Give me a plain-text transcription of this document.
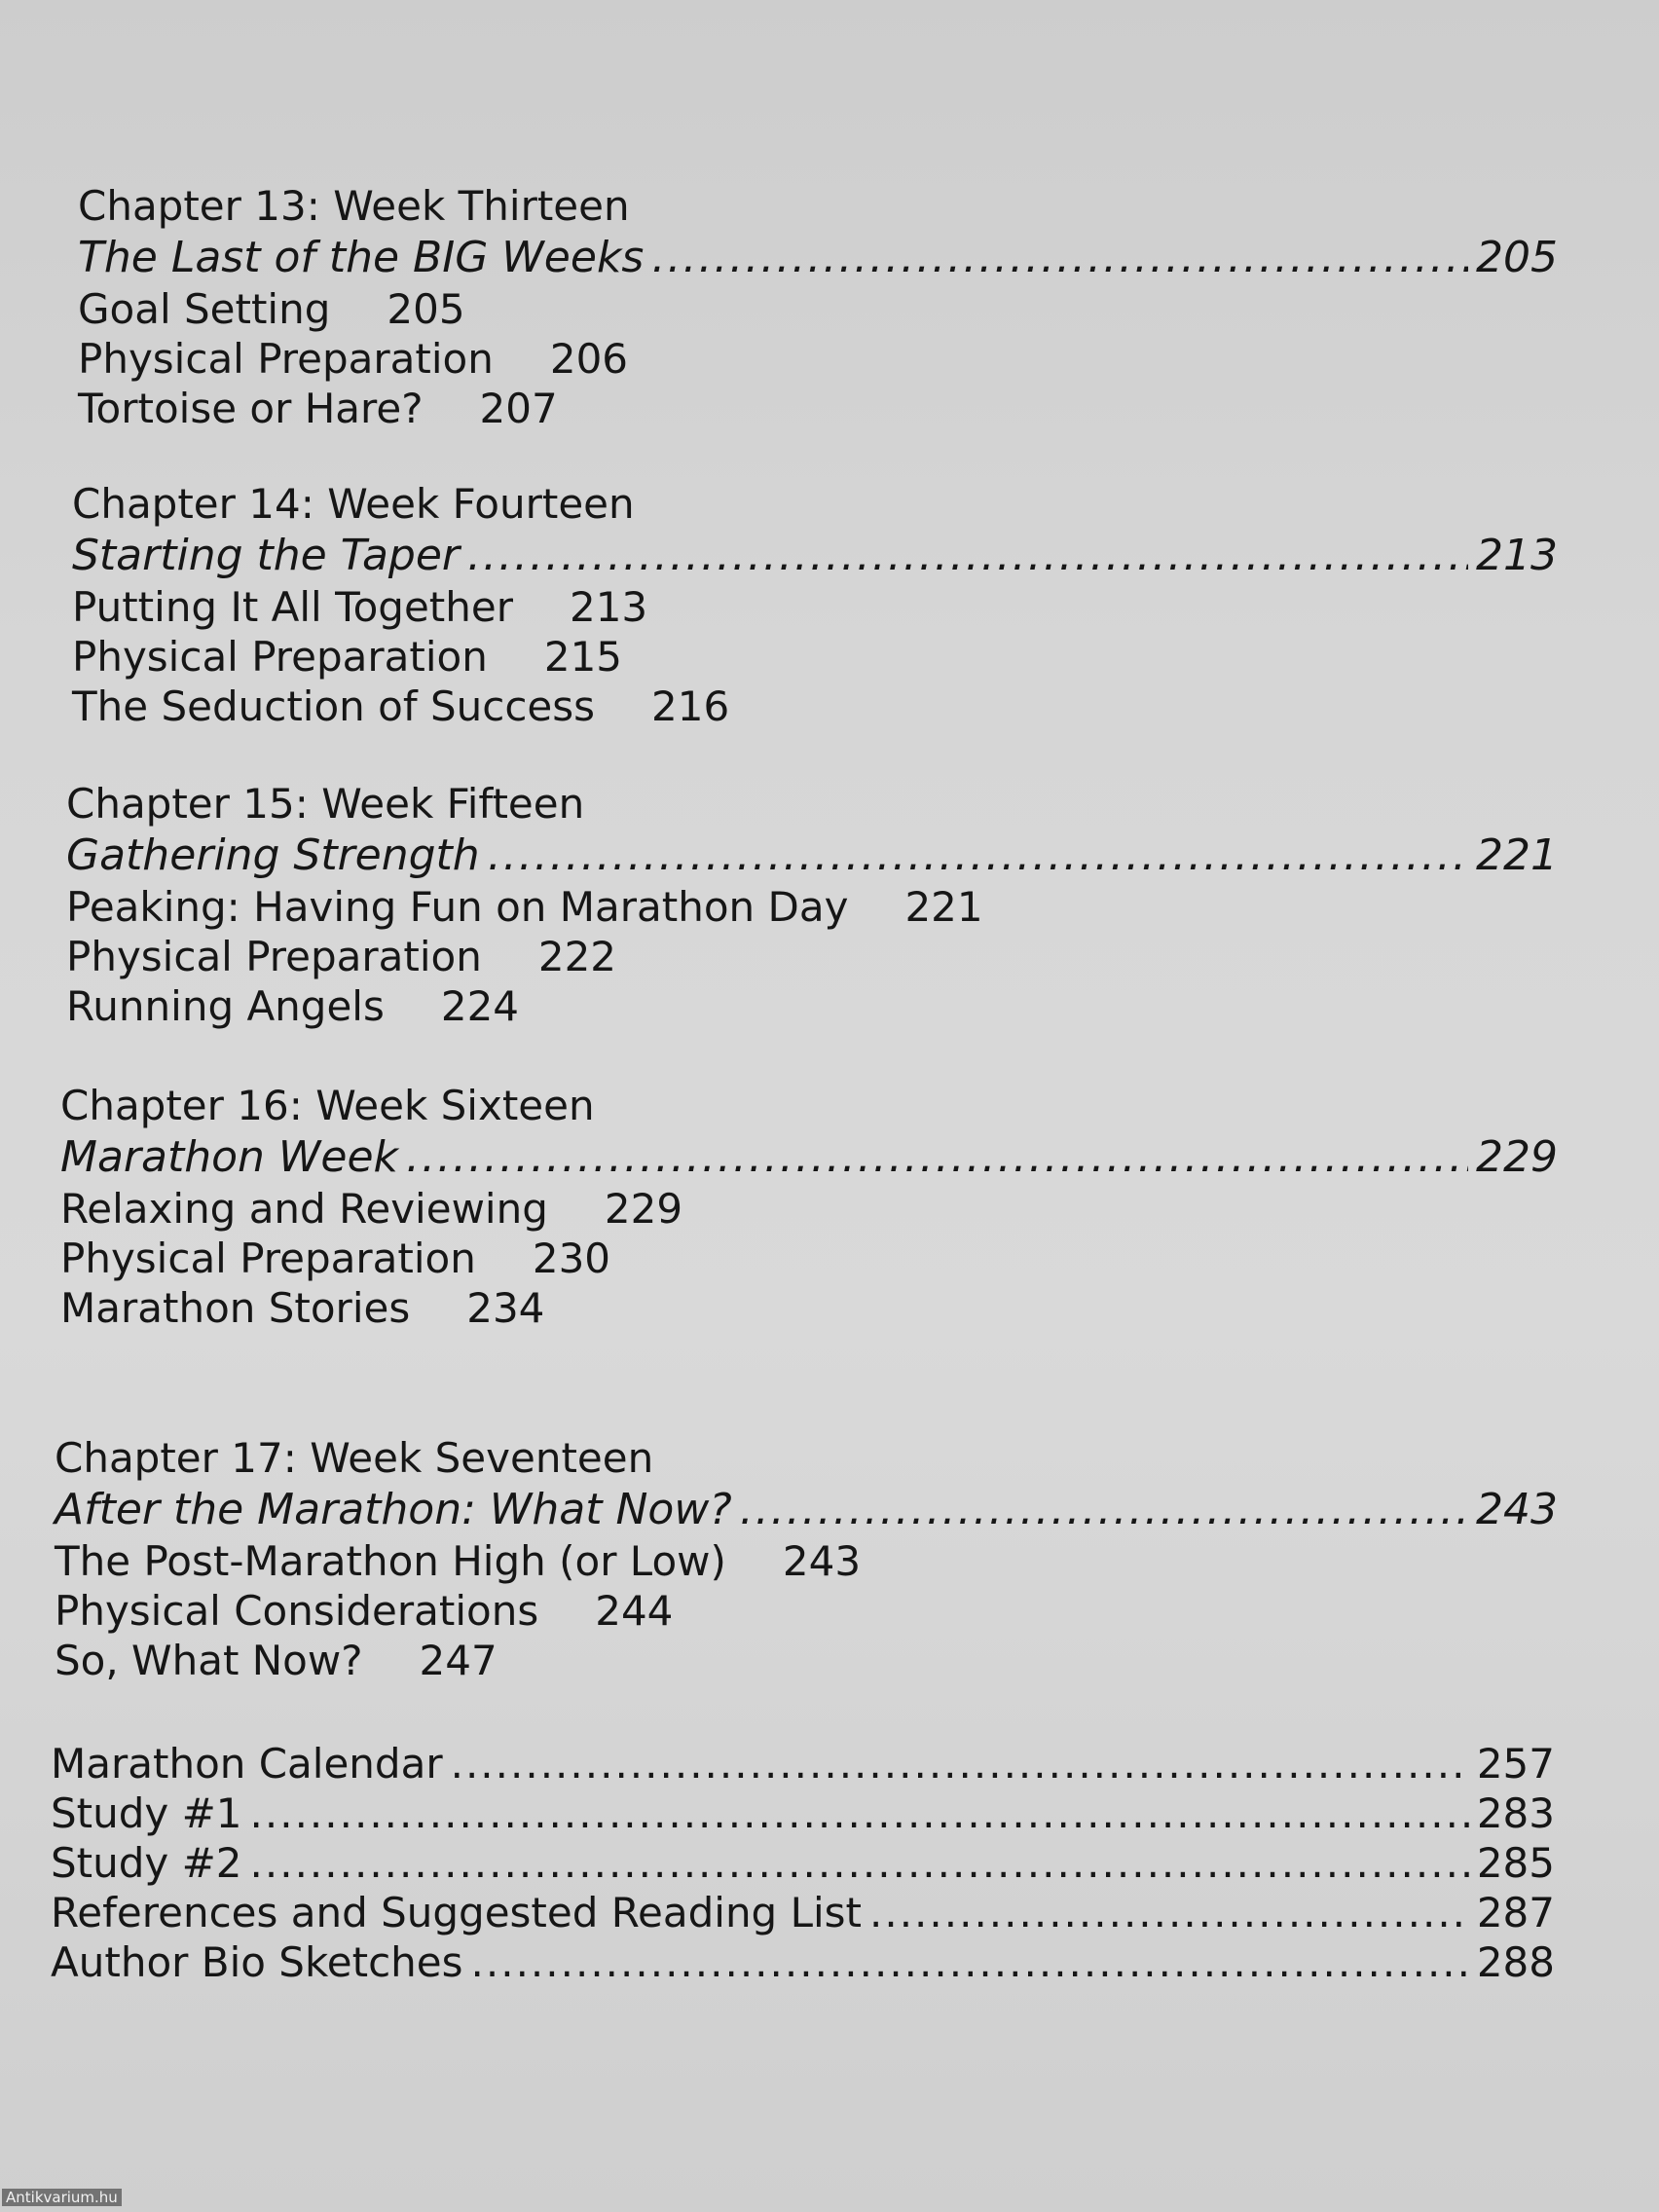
Chapter 13: Week Thirteen
The Last of the BIG Weeks .....	205
Goal Setting 205
Physical Preparation 206
Tortoise or Hare? 207
Chapter 14: Week Fourteen
Starting the Taper .....	213
Putting It All Together 213
Physical Preparation 215
The Seduction of Success 216
Chapter 15: Week Fifteen
Gathering Strength .....	221
Peaking: Having Fun on Marathon Day 221
Physical Preparation 222
Running Angels 224
Chapter 16: Week Sixteen
Marathon Week .....	229
Relaxing and Reviewing 229
Physical Preparation 230
Marathon Stories 234
Chapter 17: Week Seventeen
After the Marathon: What Now? .....	243
The Post-Marathon High (or Low) 243
Physical Considerations 244
So, What Now? 247
Marathon Calendar .....	257
Study #1 .....	283
Study #2 .....	285
References and Suggested Reading List .....	287
Author Bio Sketches .....	288
Antikvarium.hu
